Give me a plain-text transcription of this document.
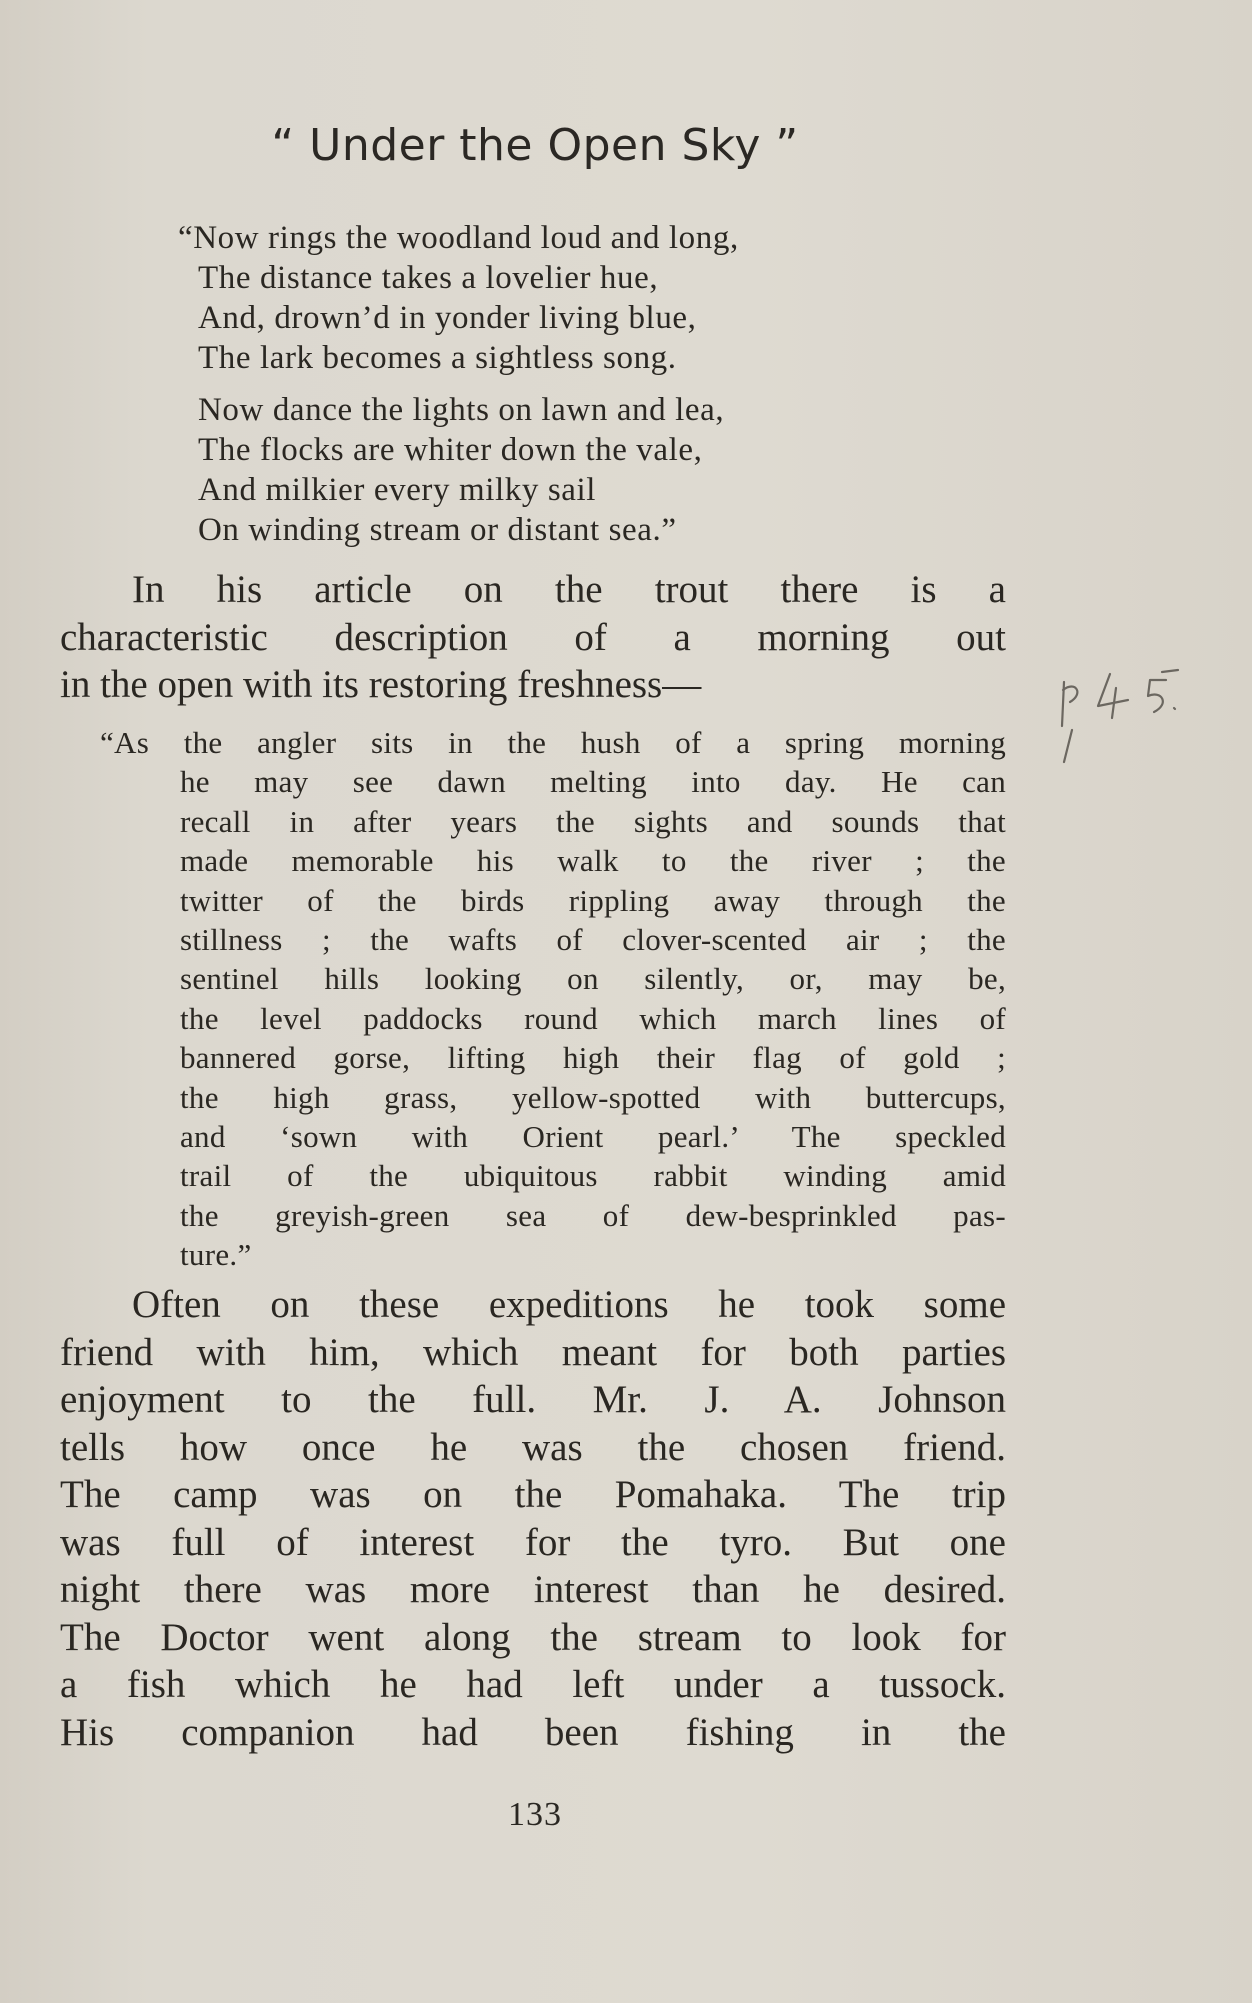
“ Under the Open Sky ”

“Now rings the woodland loud and long,
The distance takes a lovelier hue,
And, drown’d in yonder living blue,
The lark becomes a sightless song.

Now dance the lights on lawn and lea,
The flocks are whiter down the vale,
And milkier every milky sail
On winding stream or distant sea.”

In his article on the trout there is a
characteristic description of a morning out
in the open with its restoring freshness—
“As the angler sits in the hush of a spring morning
he may see dawn melting into day. He can
recall in after years the sights and sounds that
made memorable his walk to the river ; the
twitter of the birds rippling away through the
stillness ; the wafts of clover-scented air ; the
sentinel hills looking on silently, or, may be,
the level paddocks round which march lines of
bannered gorse, lifting high their flag of gold ;
the high grass, yellow-spotted with buttercups,
and ‘sown with Orient pearl.’ The speckled
trail of the ubiquitous rabbit winding amid
the greyish-green sea of dew-besprinkled pas-
ture.”
Often on these expeditions he took some
friend with him, which meant for both parties
enjoyment to the full. Mr. J. A. Johnson
tells how once he was the chosen friend.
The camp was on the Pomahaka. The trip
was full of interest for the tyro. But one
night there was more interest than he desired.
The Doctor went along the stream to look for
a fish which he had left under a tussock.
His companion had been fishing in the
133
